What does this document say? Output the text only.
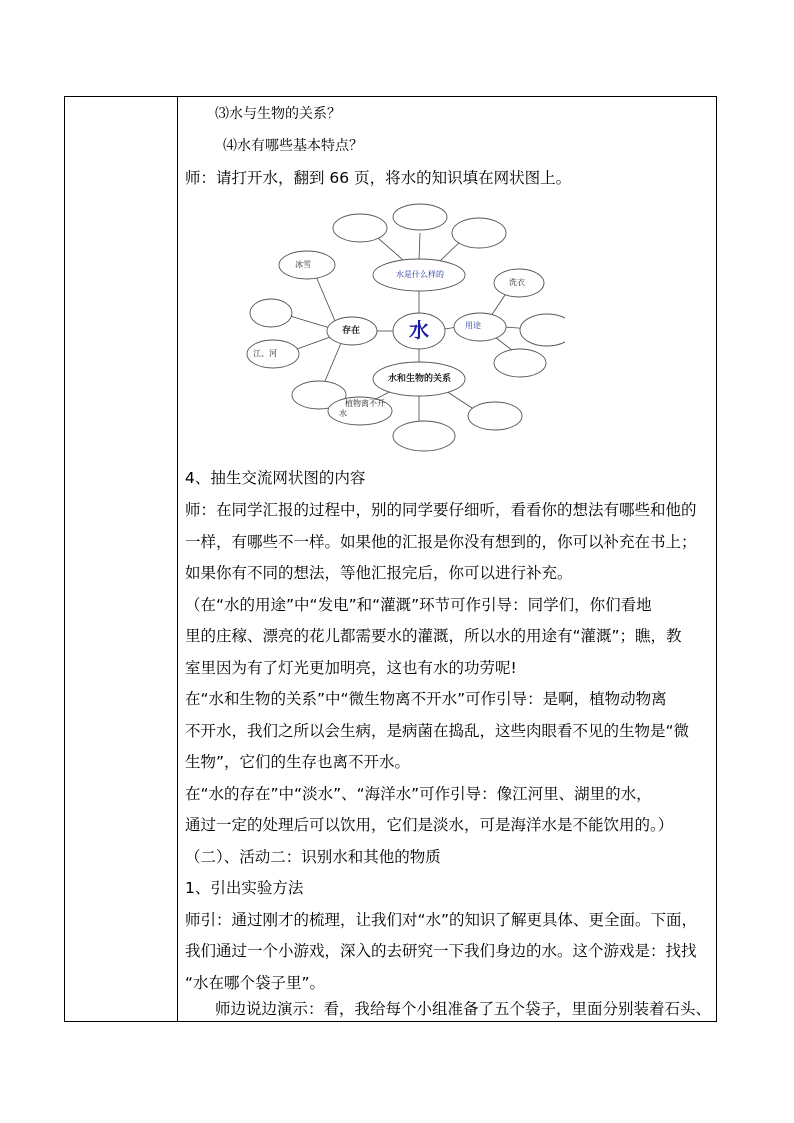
⑶水与生物的关系？
⑷水有哪些基本特点？
师：请打开水，翻到 66 页，将水的知识填在网状图上。
水
水是什么样的
存在
用途
水和生物的关系
冰雪
洗衣
江、河
植物离不开
水
4、抽生交流网状图的内容
师：在同学汇报的过程中，别的同学要仔细听，看看你的想法有哪些和他的
一样，有哪些不一样。如果他的汇报是你没有想到的，你可以补充在书上；
如果你有不同的想法，等他汇报完后，你可以进行补充。
（在“水的用途”中“发电”和“灌溉”环节可作引导：同学们，你们看地
里的庄稼、漂亮的花儿都需要水的灌溉，所以水的用途有“灌溉”；瞧，教
室里因为有了灯光更加明亮，这也有水的功劳呢!
在“水和生物的关系”中“微生物离不开水”可作引导：是啊，植物动物离
不开水，我们之所以会生病，是病菌在捣乱，这些肉眼看不见的生物是“微
生物”，它们的生存也离不开水。
在“水的存在”中“淡水”、“海洋水”可作引导：像江河里、湖里的水，
通过一定的处理后可以饮用，它们是淡水，可是海洋水是不能饮用的。）
（二）、活动二：识别水和其他的物质
1、引出实验方法
师引：通过刚才的梳理，让我们对“水”的知识了解更具体、更全面。下面，
我们通过一个小游戏，深入的去研究一下我们身边的水。这个游戏是：找找
“水在哪个袋子里”。
师边说边演示：看，我给每个小组准备了五个袋子，里面分别装着石头、
